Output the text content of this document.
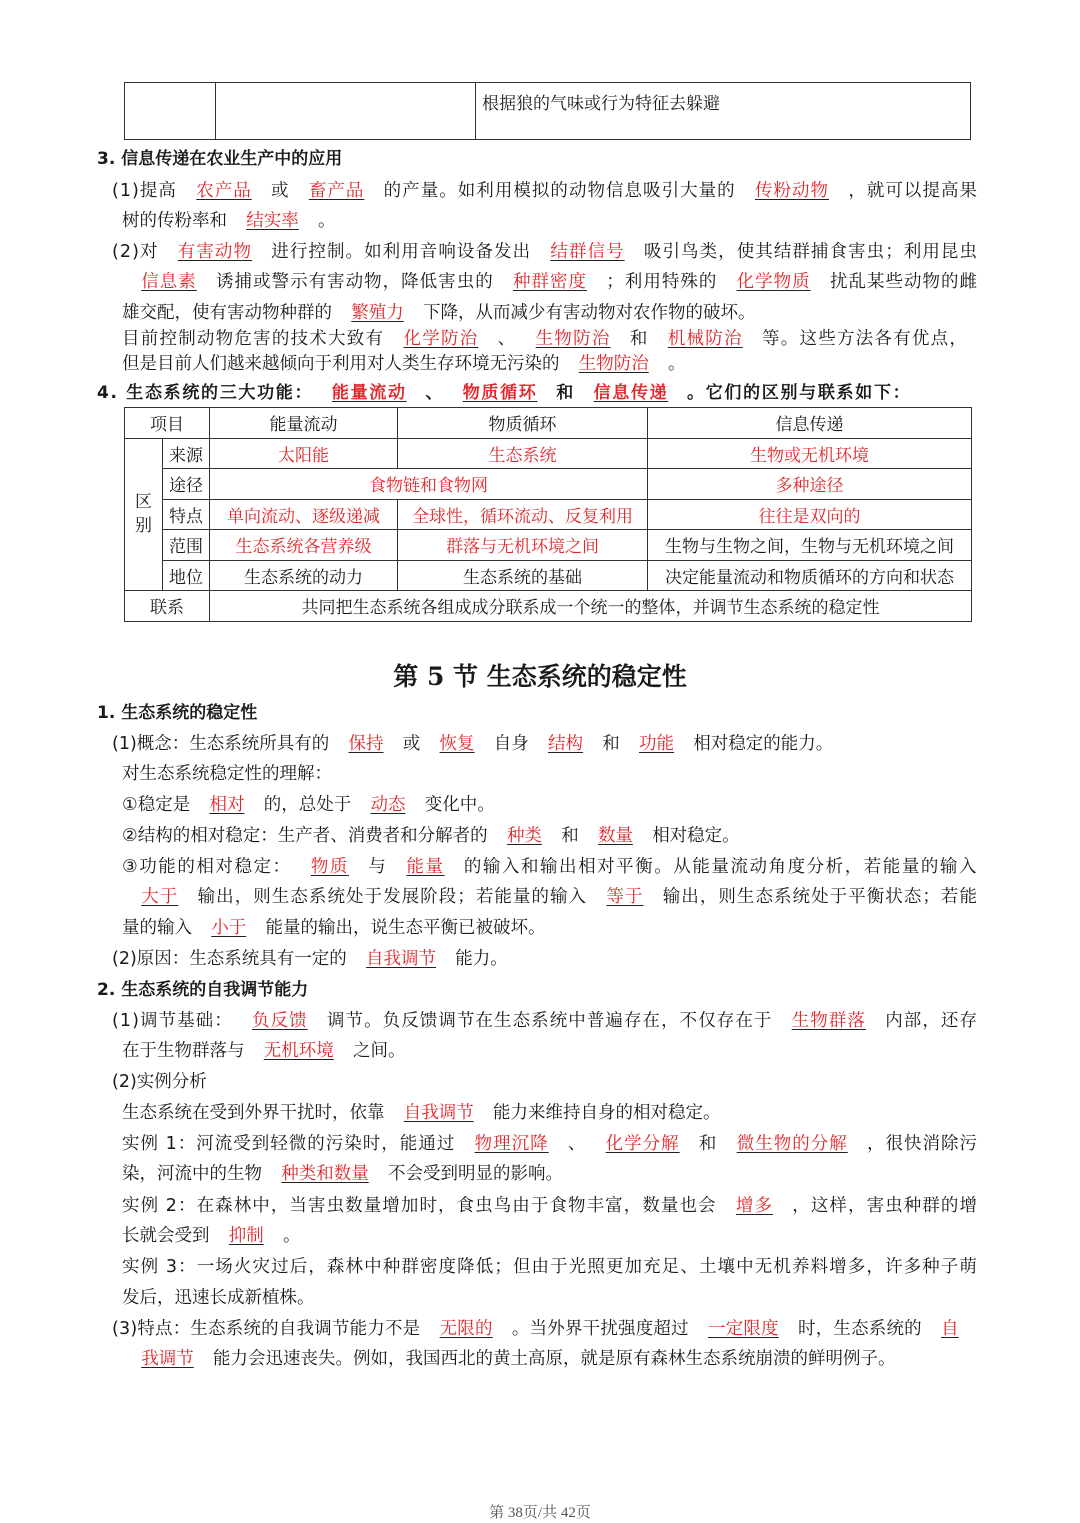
		根据狼的气味或行为特征去躲避
3. 信息传递在农业生产中的应用
(1)提高 农产品 或 畜产品 的产量。如利用模拟的动物信息吸引大量的 传粉动物 ，就可以提高果
树的传粉率和 结实率 。
(2)对 有害动物 进行控制。如利用音响设备发出 结群信号 吸引鸟类，使其结群捕食害虫；利用昆虫
信息素 诱捕或警示有害动物，降低害虫的 种群密度 ；利用特殊的 化学物质 扰乱某些动物的雌
雄交配，使有害动物种群的 繁殖力 下降，从而减少有害动物对农作物的破坏。
目前控制动物危害的技术大致有 化学防治 、 生物防治 和 机械防治 等。这些方法各有优点，
但是目前人们越来越倾向于利用对人类生存环境无污染的 生物防治 。
4. 生态系统的三大功能： 能量流动 、 物质循环 和 信息传递 。它们的区别与联系如下：
1. 生态系统的稳定性
(1)概念：生态系统所具有的 保持 或 恢复 自身 结构 和 功能 相对稳定的能力。
对生态系统稳定性的理解：
①稳定是 相对 的，总处于 动态 变化中。
②结构的相对稳定：生产者、消费者和分解者的 种类 和 数量 相对稳定。
③功能的相对稳定： 物质 与 能量 的输入和输出相对平衡。从能量流动角度分析，若能量的输入
大于 输出，则生态系统处于发展阶段；若能量的输入 等于 输出，则生态系统处于平衡状态；若能
量的输入 小于 能量的输出，说生态平衡已被破坏。
(2)原因：生态系统具有一定的 自我调节 能力。
2. 生态系统的自我调节能力
(1)调节基础： 负反馈 调节。负反馈调节在生态系统中普遍存在，不仅存在于 生物群落 内部，还存
在于生物群落与 无机环境 之间。
(2)实例分析
生态系统在受到外界干扰时，依靠 自我调节 能力来维持自身的相对稳定。
实例 1：河流受到轻微的污染时，能通过 物理沉降 、 化学分解 和 微生物的分解 ，很快消除污
染，河流中的生物 种类和数量 不会受到明显的影响。
实例 2：在森林中，当害虫数量增加时，食虫鸟由于食物丰富，数量也会 增多 ，这样，害虫种群的增
长就会受到 抑制 。
实例 3：一场火灾过后，森林中种群密度降低；但由于光照更加充足、土壤中无机养料增多，许多种子萌
发后，迅速长成新植株。
(3)特点：生态系统的自我调节能力不是 无限的 。当外界干扰强度超过 一定限度 时，生态系统的 自
我调节 能力会迅速丧失。例如，我国西北的黄土高原，就是原有森林生态系统崩溃的鲜明例子。
项目		能量流动	物质循环	信息传递
区别	来源	太阳能	生态系统	生物或无机环境
	途径	食物链和食物网		多种途径
	特点	单向流动、逐级递减	全球性，循环流动、反复利用	往往是双向的
	范围	生态系统各营养级	群落与无机环境之间	生物与生物之间，生物与无机环境之间
	地位	生态系统的动力	生态系统的基础	决定能量流动和物质循环的方向和状态
联系		共同把生态系统各组成成分联系成一个统一的整体，并调节生态系统的稳定性		
第 5 节 生态系统的稳定性
第 38页/共 42页
